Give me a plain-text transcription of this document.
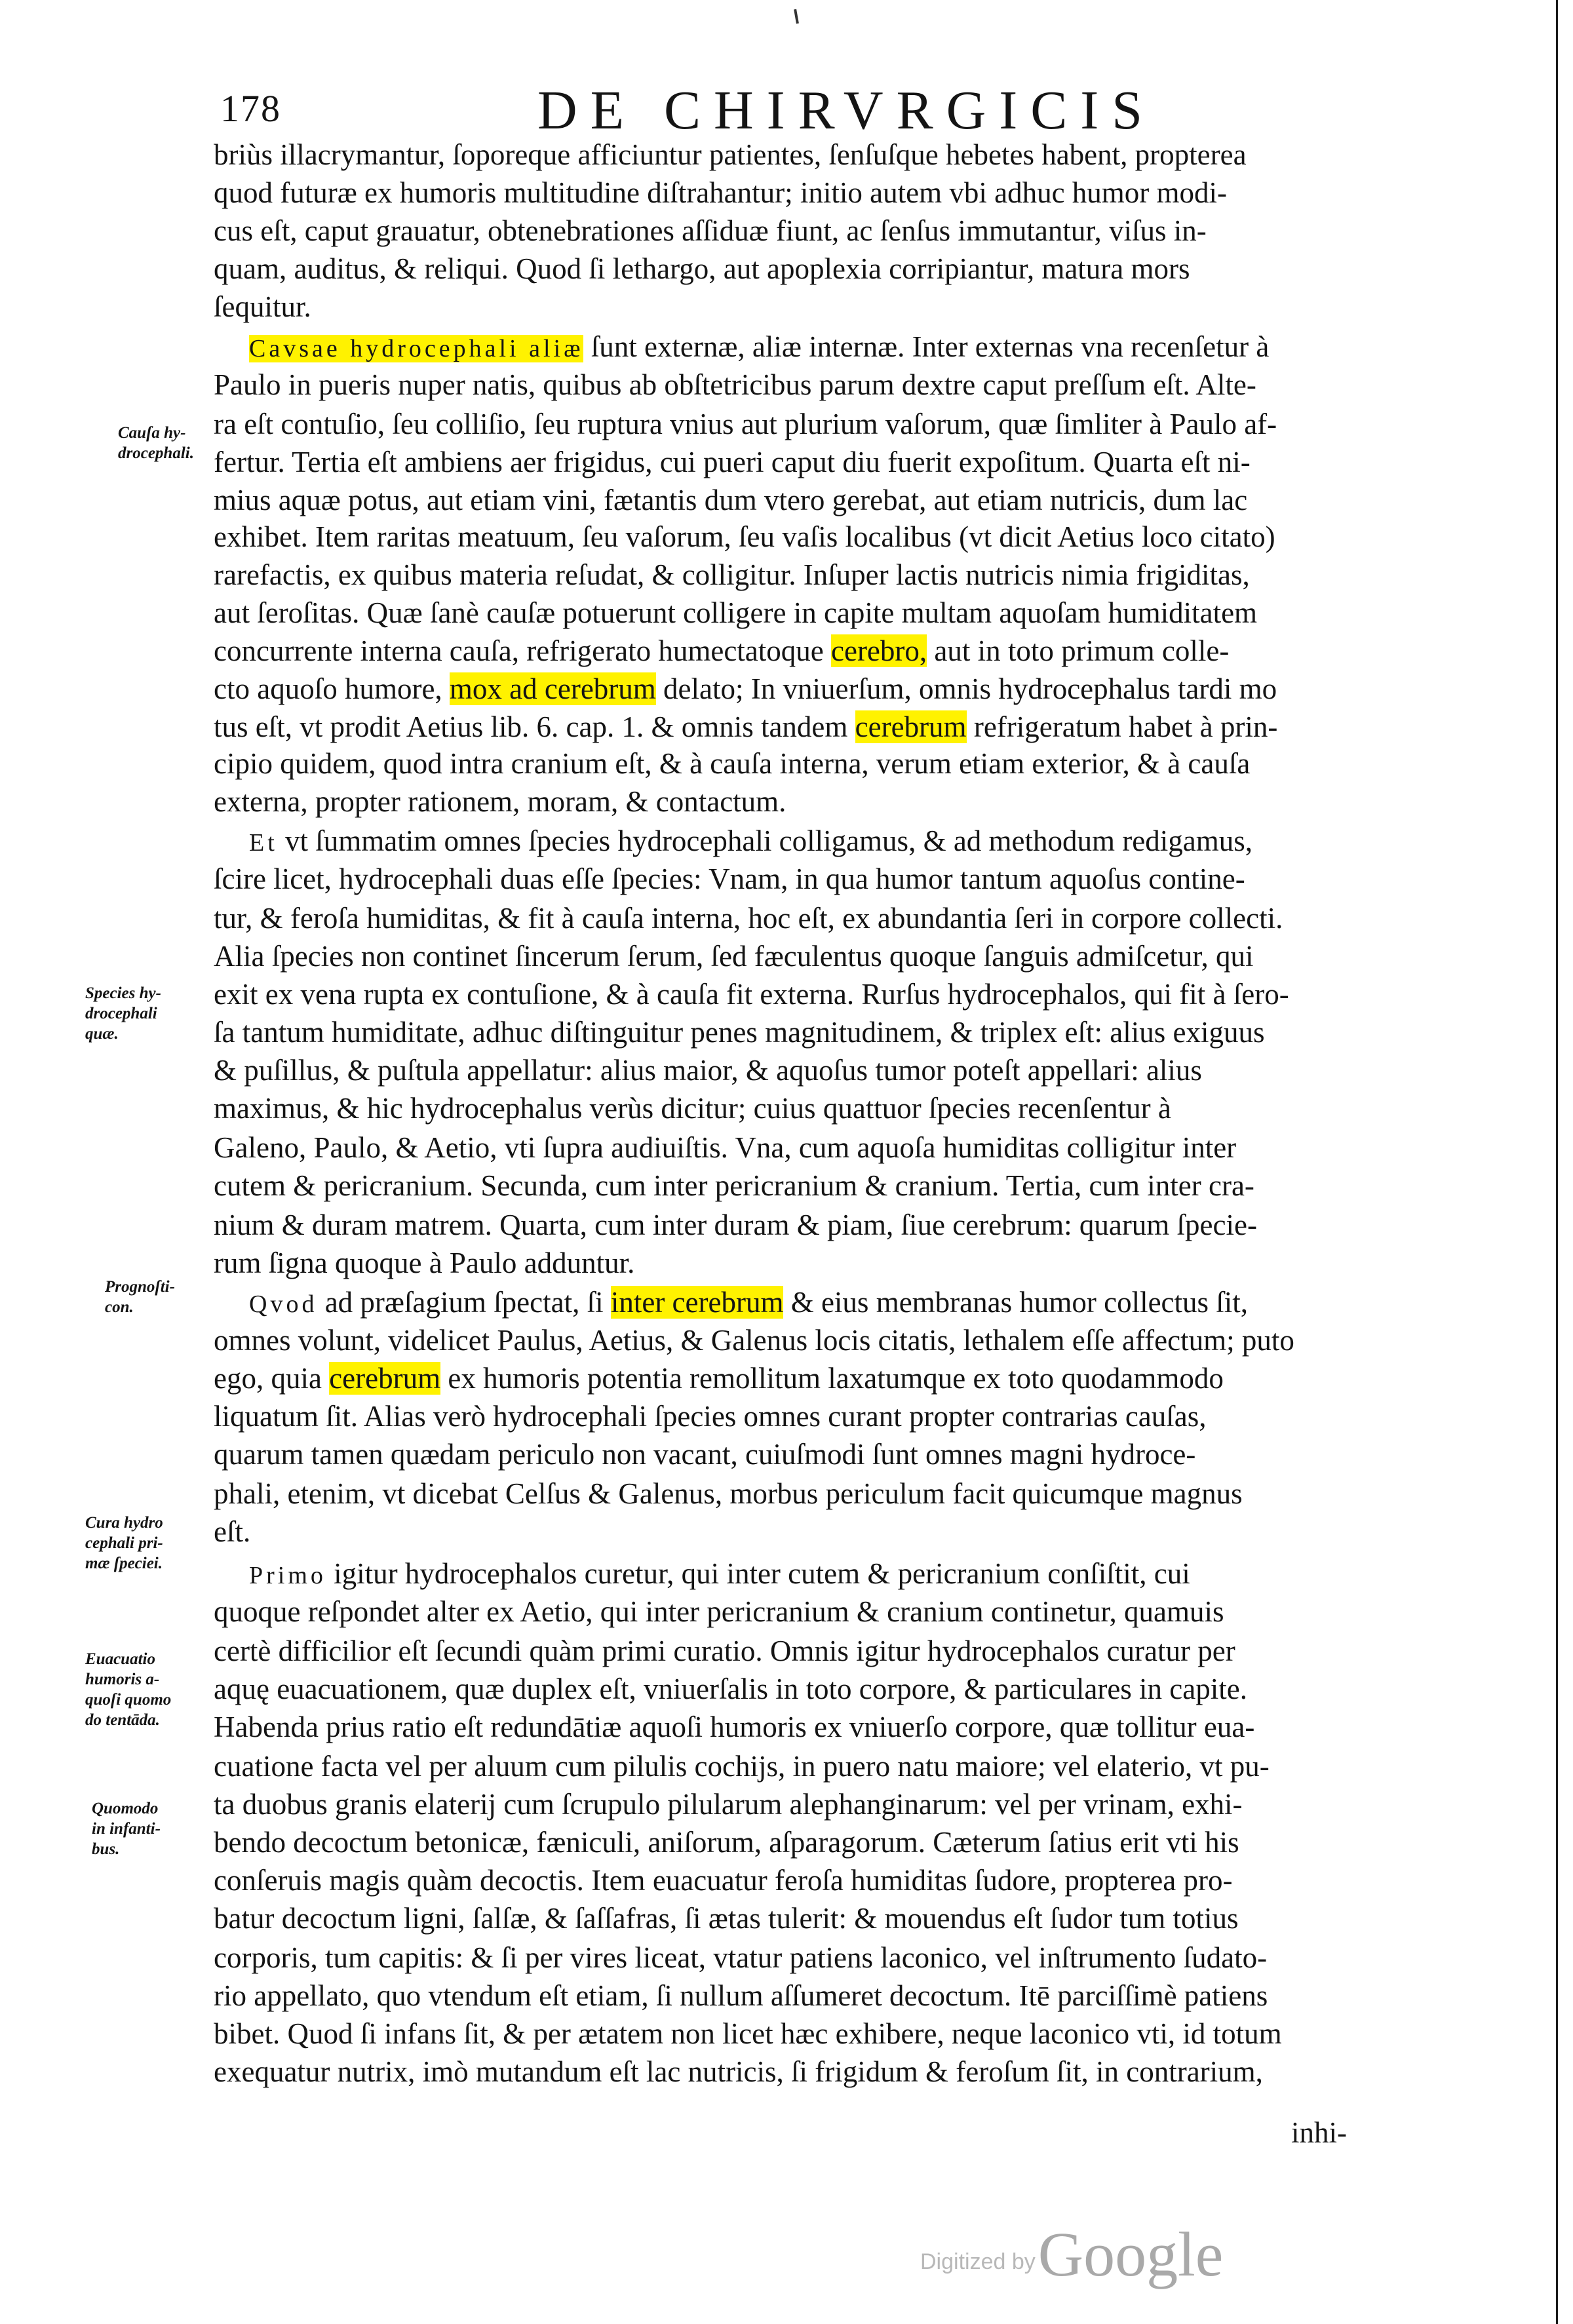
178	DE CHIRVRGICIS
briùs illacrymantur, ſoporeque afficiuntur patientes, ſenſuſque hebetes habent, propterea
quod futuræ ex humoris multitudine diſtrahantur; initio autem vbi adhuc humor modi-
cus eſt, caput grauatur, obtenebrationes aſſiduæ fiunt, ac ſenſus immutantur, viſus in-
quam, auditus, & reliqui. Quod ſi lethargo, aut apoplexia corripiantur, matura mors
ſequitur.
Cavsae hydrocephali aliæ ſunt externæ, aliæ internæ. Inter externas vna recenſetur à
Paulo in pueris nuper natis, quibus ab obſtetricibus parum dextre caput preſſum eſt. Alte-
ra eſt contuſio, ſeu colliſio, ſeu ruptura vnius aut plurium vaſorum, quæ ſimliter à Paulo af-
fertur. Tertia eſt ambiens aer frigidus, cui pueri caput diu fuerit expoſitum. Quarta eſt ni-
mius aquæ potus, aut etiam vini, fætantis dum vtero gerebat, aut etiam nutricis, dum lac
exhibet. Item raritas meatuum, ſeu vaſorum, ſeu vaſis localibus (vt dicit Aetius loco citato)
rarefactis, ex quibus materia reſudat, & colligitur. Inſuper lactis nutricis nimia frigiditas,
aut ſeroſitas. Quæ ſanè cauſæ potuerunt colligere in capite multam aquoſam humiditatem
concurrente interna cauſa, refrigerato humectatoque cerebro, aut in toto primum colle-
cto aquoſo humore, mox ad cerebrum delato; In vniuerſum, omnis hydrocephalus tardi mo
tus eſt, vt prodit Aetius lib. 6. cap. 1. & omnis tandem cerebrum refrigeratum habet à prin-
cipio quidem, quod intra cranium eſt, & à cauſa interna, verum etiam exterior, & à cauſa
externa, propter rationem, moram, & contactum.
Et vt ſummatim omnes ſpecies hydrocephali colligamus, & ad methodum redigamus,
ſcire licet, hydrocephali duas eſſe ſpecies: Vnam, in qua humor tantum aquoſus contine-
tur, & feroſa humiditas, & fit à cauſa interna, hoc eſt, ex abundantia ſeri in corpore collecti.
Alia ſpecies non continet ſincerum ſerum, ſed fæculentus quoque ſanguis admiſcetur, qui
exit ex vena rupta ex contuſione, & à cauſa fit externa. Rurſus hydrocephalos, qui fit à ſero-
ſa tantum humiditate, adhuc diſtinguitur penes magnitudinem, & triplex eſt: alius exiguus
& puſillus, & puſtula appellatur: alius maior, & aquoſus tumor poteſt appellari: alius
maximus, & hic hydrocephalus verùs dicitur; cuius quattuor ſpecies recenſentur à
Galeno, Paulo, & Aetio, vti ſupra audiuiſtis. Vna, cum aquoſa humiditas colligitur inter
cutem & pericranium. Secunda, cum inter pericranium & cranium. Tertia, cum inter cra-
nium & duram matrem. Quarta, cum inter duram & piam, ſiue cerebrum: quarum ſpecie-
rum ſigna quoque à Paulo adduntur.
Qvod ad præſagium ſpectat, ſi inter cerebrum & eius membranas humor collectus ſit,
omnes volunt, videlicet Paulus, Aetius, & Galenus locis citatis, lethalem eſſe affectum; puto
ego, quia cerebrum ex humoris potentia remollitum laxatumque ex toto quodammodo
liquatum ſit. Alias verò hydrocephali ſpecies omnes curant propter contrarias cauſas,
quarum tamen quædam periculo non vacant, cuiuſmodi ſunt omnes magni hydroce-
phali, etenim, vt dicebat Celſus & Galenus, morbus periculum facit quicumque magnus
eſt.
Primo igitur hydrocephalos curetur, qui inter cutem & pericranium conſiſtit, cui
quoque reſpondet alter ex Aetio, qui inter pericranium & cranium continetur, quamuis
certè difficilior eſt ſecundi quàm primi curatio. Omnis igitur hydrocephalos curatur per
aquę euacuationem, quæ duplex eſt, vniuerſalis in toto corpore, & particulares in capite.
Habenda prius ratio eſt redundātiæ aquoſi humoris ex vniuerſo corpore, quæ tollitur eua-
cuatione facta vel per aluum cum pilulis cochijs, in puero natu maiore; vel elaterio, vt pu-
ta duobus granis elaterij cum ſcrupulo pilularum alephanginarum: vel per vrinam, exhi-
bendo decoctum betonicæ, fæniculi, aniſorum, aſparagorum. Cæterum ſatius erit vti his
conſeruis magis quàm decoctis. Item euacuatur feroſa humiditas ſudore, propterea pro-
batur decoctum ligni, ſalſæ, & ſaſſafras, ſi ætas tulerit: & mouendus eſt ſudor tum totius
corporis, tum capitis: & ſi per vires liceat, vtatur patiens laconico, vel inſtrumento ſudato-
rio appellato, quo vtendum eſt etiam, ſi nullum aſſumeret decoctum. Itē parciſſimè patiens
bibet. Quod ſi infans ſit, & per ætatem non licet hæc exhibere, neque laconico vti, id totum
exequatur nutrix, imò mutandum eſt lac nutricis, ſi frigidum & feroſum ſit, in contrarium,
Cauſa hy-
drocephali.
Species hy-
drocephali
quæ.
Prognoſti-
con.
Cura hydro
cephali pri-
mæ ſpeciei.
Euacuatio
humoris a-
quoſi quomo
do tentāda.
Quomodo
in infanti-
bus.
inhi-
Digitized by Google
